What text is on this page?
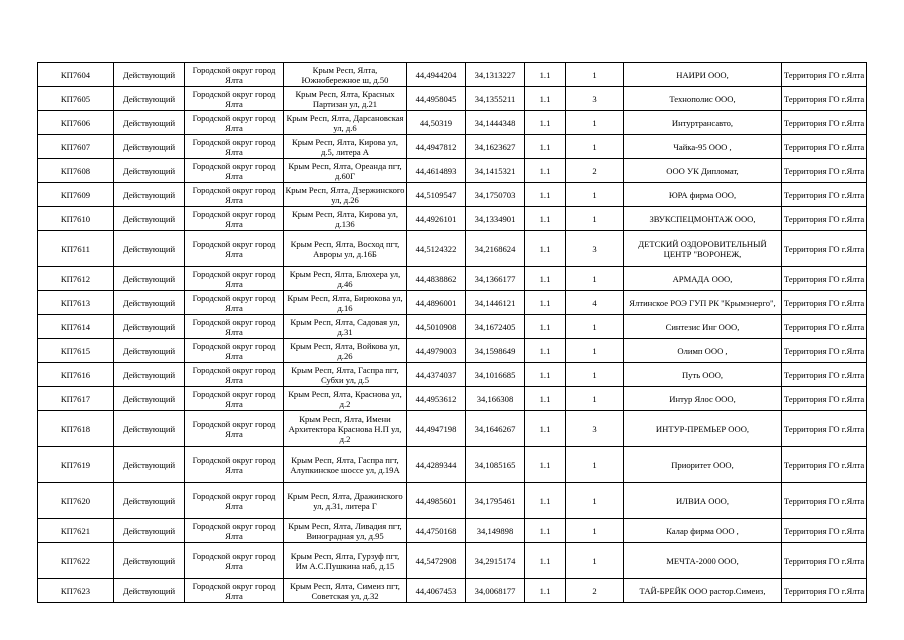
КП7604	Действующий	Городской округ город Ялта	Крым Респ, Ялта, Южнобережное ш, д.50	44,4944204	34,1313227	1.1	1	НАИРИ ООО,	Территория ГО г.Ялта
КП7605	Действующий	Городской округ город Ялта	Крым Респ, Ялта, Красных Партизан ул, д.21	44,4958045	34,1355211	1.1	3	Технополис ООО,	Территория ГО г.Ялта
КП7606	Действующий	Городской округ город Ялта	Крым Респ, Ялта, Дарсановская ул, д.6	44,50319	34,1444348	1.1	1	Интуртрансавто,	Территория ГО г.Ялта
КП7607	Действующий	Городской округ город Ялта	Крым Респ, Ялта, Кирова ул, д.5, литера А	44,4947812	34,1623627	1.1	1	Чайка-95 ООО ,	Территория ГО г.Ялта
КП7608	Действующий	Городской округ город Ялта	Крым Респ, Ялта, Ореанда пгт, д.60Г	44,4614893	34,1415321	1.1	2	ООО УК Дипломат,	Территория ГО г.Ялта
КП7609	Действующий	Городской округ город Ялта	Крым Респ, Ялта, Дзержинского ул, д.26	44,5109547	34,1750703	1.1	1	ЮРА фирма ООО,	Территория ГО г.Ялта
КП7610	Действующий	Городской округ город Ялта	Крым Респ, Ялта, Кирова ул, д.136	44,4926101	34,1334901	1.1	1	ЗВУКСПЕЦМОНТАЖ ООО,	Территория ГО г.Ялта
КП7611	Действующий	Городской округ город Ялта	Крым Респ, Ялта, Восход пгт, Авроры ул, д.16Б	44,5124322	34,2168624	1.1	3	ДЕТСКИЙ ОЗДОРОВИТЕЛЬНЫЙ ЦЕНТР "ВОРОНЕЖ,	Территория ГО г.Ялта
КП7612	Действующий	Городской округ город Ялта	Крым Респ, Ялта, Блюхера ул, д.46	44,4838862	34,1366177	1.1	1	АРМАДА ООО,	Территория ГО г.Ялта
КП7613	Действующий	Городской округ город Ялта	Крым Респ, Ялта, Бирюкова ул, д.16	44,4896001	34,1446121	1.1	4	Ялтинское РОЭ ГУП РК "Крымэнерго",	Территория ГО г.Ялта
КП7614	Действующий	Городской округ город Ялта	Крым Респ, Ялта, Садовая ул, д.31	44,5010908	34,1672405	1.1	1	Синтезис Инг ООО,	Территория ГО г.Ялта
КП7615	Действующий	Городской округ город Ялта	Крым Респ, Ялта, Войкова ул, д.26	44,4979003	34,1598649	1.1	1	Олимп ООО ,	Территория ГО г.Ялта
КП7616	Действующий	Городской округ город Ялта	Крым Респ, Ялта, Гаспра пгт, Субхи ул, д.5	44,4374037	34,1016685	1.1	1	Путь ООО,	Территория ГО г.Ялта
КП7617	Действующий	Городской округ город Ялта	Крым Респ, Ялта, Краснова ул, д.2	44,4953612	34,166308	1.1	1	Интур Ялос ООО,	Территория ГО г.Ялта
КП7618	Действующий	Городской округ город Ялта	Крым Респ, Ялта, Имени Архитектора Краснова Н.П ул, д.2	44,4947198	34,1646267	1.1	3	ИНТУР-ПРЕМЬЕР ООО,	Территория ГО г.Ялта
КП7619	Действующий	Городской округ город Ялта	Крым Респ, Ялта, Гаспра пгт, Алупкинское шоссе ул, д.19А	44,4289344	34,1085165	1.1	1	Приоритет ООО,	Территория ГО г.Ялта
КП7620	Действующий	Городской округ город Ялта	Крым Респ, Ялта, Дражинского ул, д.31, литера Г	44,4985601	34,1795461	1.1	1	ИЛВИА ООО,	Территория ГО г.Ялта
КП7621	Действующий	Городской округ город Ялта	Крым Респ, Ялта, Ливадия пгт, Виноградная ул, д.95	44,4750168	34,149898	1.1	1	Калар фирма ООО ,	Территория ГО г.Ялта
КП7622	Действующий	Городской округ город Ялта	Крым Респ, Ялта, Гурзуф пгт, Им А.С.Пушкина наб, д.15	44,5472908	34,2915174	1.1	1	МЕЧТА-2000 ООО,	Территория ГО г.Ялта
КП7623	Действующий	Городской округ город Ялта	Крым Респ, Ялта, Симеиз пгт, Советская ул, д.32	44,4067453	34,0068177	1.1	2	ТАЙ-БРЕЙК ООО растор.Симеиз,	Территория ГО г.Ялта
